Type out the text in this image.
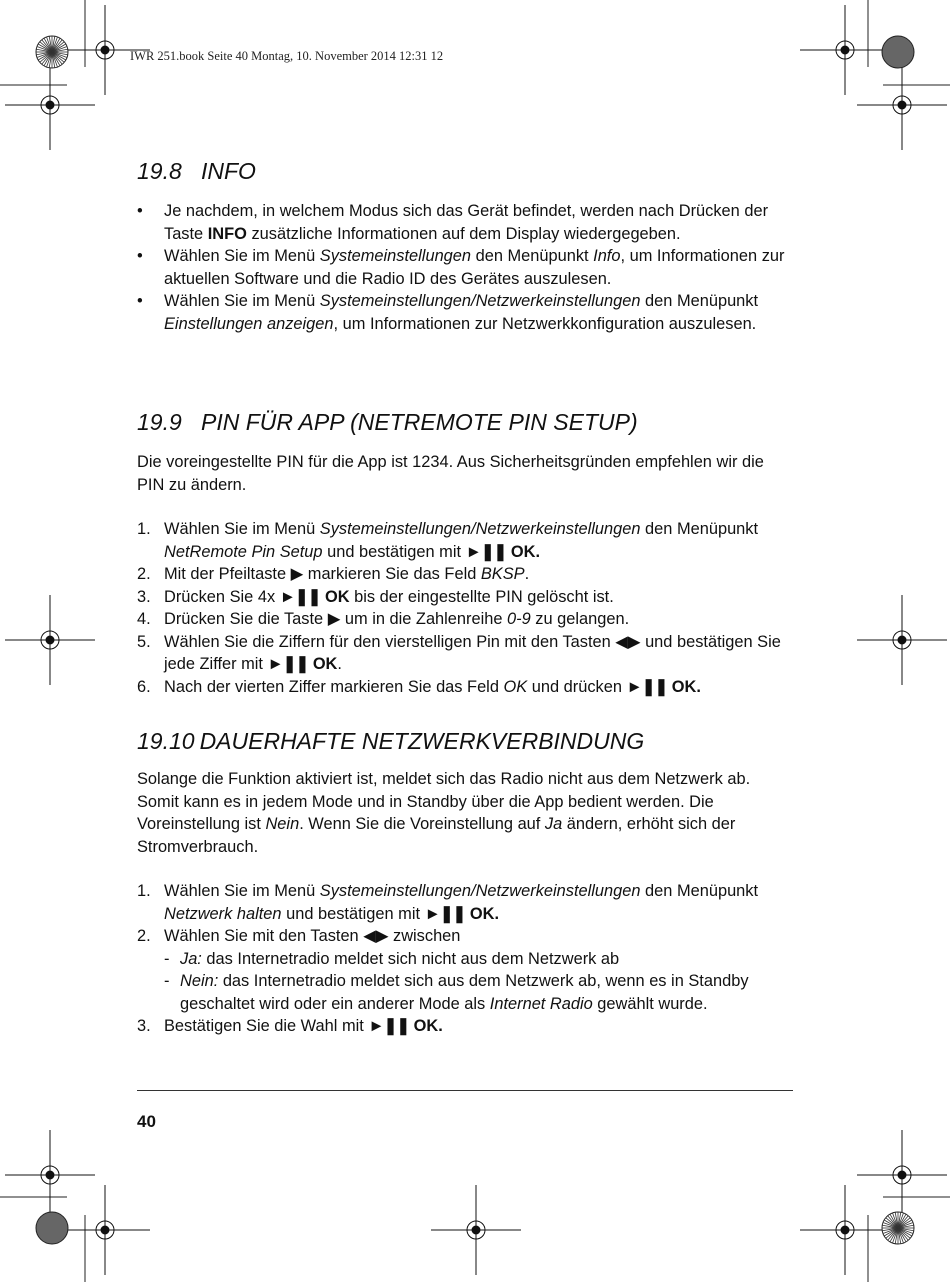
IWR 251.book Seite 40 Montag, 10. November 2014 12:31 12
19.8 INFO
• Je nachdem, in welchem Modus sich das Gerät befindet, werden nach Drücken der Taste INFO zusätzliche Informationen auf dem Display wiedergegeben.
• Wählen Sie im Menü Systemeinstellungen den Menüpunkt Info, um Informationen zur aktuellen Software und die Radio ID des Gerätes auszulesen.
• Wählen Sie im Menü Systemeinstellungen/Netzwerkeinstellungen den Menüpunkt Einstellungen anzeigen, um Informationen zur Netzwerkkonfiguration auszulesen.
19.9 PIN FÜR APP (NETREMOTE PIN SETUP)

Die voreingestellte PIN für die App ist 1234. Aus Sicherheitsgründen empfehlen wir die PIN zu ändern.

1. Wählen Sie im Menü Systemeinstellungen/Netzwerkeinstellungen den Menüpunkt NetRemote Pin Setup und bestätigen mit ►❚❚ OK.
2. Mit der Pfeiltaste ▶ markieren Sie das Feld BKSP.
3. Drücken Sie 4x ►❚❚ OK bis der eingestellte PIN gelöscht ist.
4. Drücken Sie die Taste ▶ um in die Zahlenreihe 0-9 zu gelangen.
5. Wählen Sie die Ziffern für den vierstelligen Pin mit den Tasten ◀▶ und bestätigen Sie jede Ziffer mit ►❚❚ OK.
6. Nach der vierten Ziffer markieren Sie das Feld OK und drücken ►❚❚ OK.
19.10 DAUERHAFTE NETZWERKVERBINDUNG

Solange die Funktion aktiviert ist, meldet sich das Radio nicht aus dem Netzwerk ab. Somit kann es in jedem Mode und in Standby über die App bedient werden. Die Voreinstellung ist Nein. Wenn Sie die Voreinstellung auf Ja ändern, erhöht sich der Stromverbrauch.

1. Wählen Sie im Menü Systemeinstellungen/Netzwerkeinstellungen den Menüpunkt Netzwerk halten und bestätigen mit ►❚❚ OK.
2. Wählen Sie mit den Tasten ◀▶ zwischen
- Ja: das Internetradio meldet sich nicht aus dem Netzwerk ab
- Nein: das Internetradio meldet sich aus dem Netzwerk ab, wenn es in Standby geschaltet wird oder ein anderer Mode als Internet Radio gewählt wurde.
3. Bestätigen Sie die Wahl mit ►❚❚ OK.
40
